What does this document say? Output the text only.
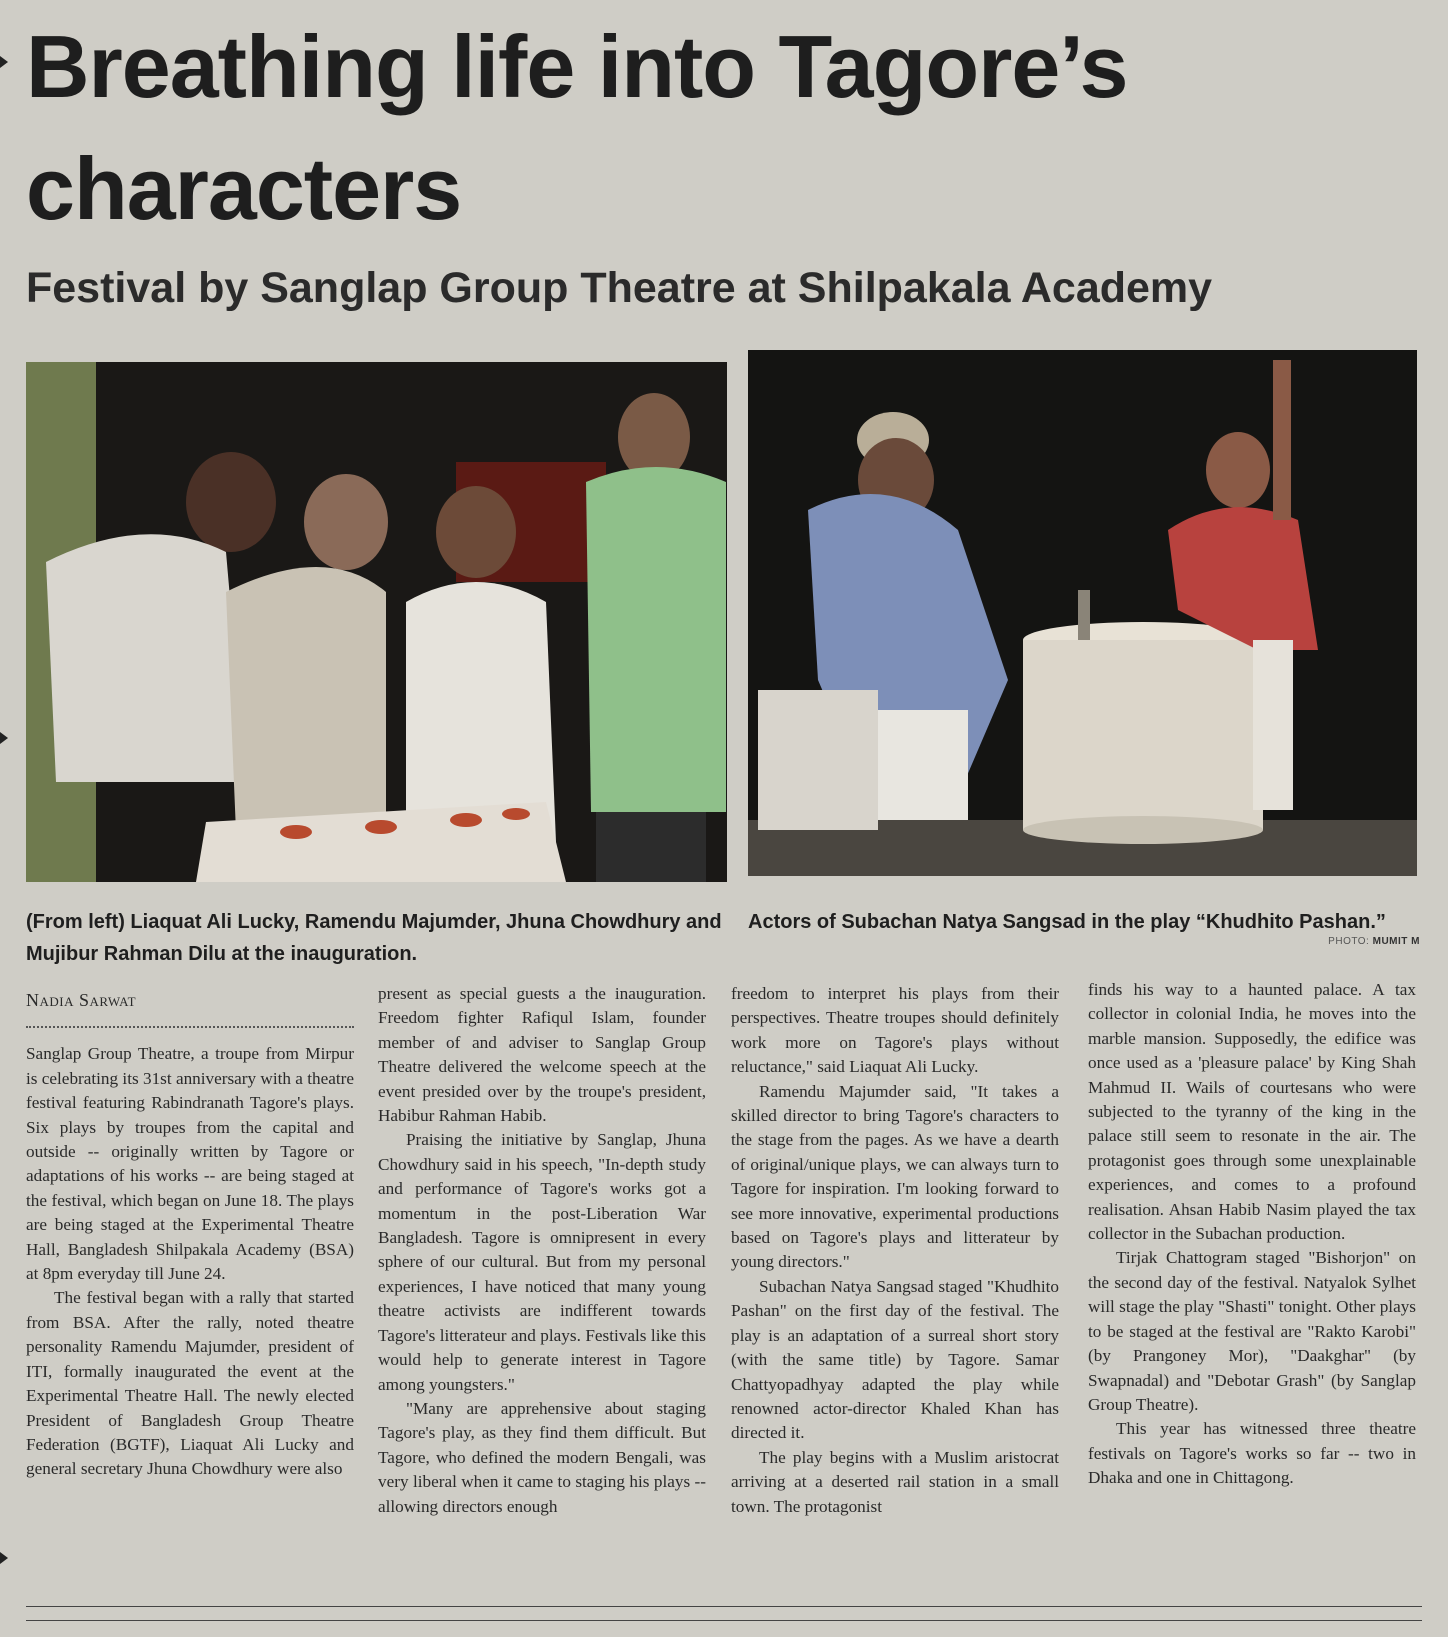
Breathing life into Tagore’s characters
Festival by Sanglap Group Theatre at Shilpakala Academy
(From left) Liaquat Ali Lucky, Ramendu Majumder, Jhuna Chowdhury and Mujibur Rahman Dilu at the inauguration.
Actors of Subachan Natya Sangsad in the play “Khudhito Pashan.”
PHOTO: MUMIT M
Nadia Sarwat

Sanglap Group Theatre, a troupe from Mirpur is celebrating its 31st anniversary with a theatre festival featuring Rabindranath Tagore's plays. Six plays by troupes from the capital and outside -- originally written by Tagore or adaptations of his works -- are being staged at the festival, which began on June 18. The plays are being staged at the Experimental Theatre Hall, Bangladesh Shilpakala Academy (BSA) at 8pm everyday till June 24.

The festival began with a rally that started from BSA. After the rally, noted theatre personality Ramendu Majumder, president of ITI, formally inaugurated the event at the Experimental Theatre Hall. The newly elected President of Bangladesh Group Theatre Federation (BGTF), Liaquat Ali Lucky and general secretary Jhuna Chowdhury were also

present as special guests a the inauguration. Freedom fighter Rafiqul Islam, founder member of and adviser to Sanglap Group Theatre delivered the welcome speech at the event presided over by the troupe's president, Habibur Rahman Habib.

Praising the initiative by Sanglap, Jhuna Chowdhury said in his speech, "In-depth study and performance of Tagore's works got a momentum in the post-Liberation War Bangladesh. Tagore is omnipresent in every sphere of our cultural. But from my personal experiences, I have noticed that many young theatre activists are indifferent towards Tagore's litterateur and plays. Festivals like this would help to generate interest in Tagore among youngsters."

"Many are apprehensive about staging Tagore's play, as they find them difficult. But Tagore, who defined the modern Bengali, was very liberal when it came to staging his plays -- allowing directors enough

freedom to interpret his plays from their perspectives. Theatre troupes should definitely work more on Tagore's plays without reluctance," said Liaquat Ali Lucky.

Ramendu Majumder said, "It takes a skilled director to bring Tagore's characters to the stage from the pages. As we have a dearth of original/unique plays, we can always turn to Tagore for inspiration. I'm looking forward to see more innovative, experimental productions based on Tagore's plays and litterateur by young directors."

Subachan Natya Sangsad staged "Khudhito Pashan" on the first day of the festival. The play is an adaptation of a surreal short story (with the same title) by Tagore. Samar Chattyopadhyay adapted the play while renowned actor-director Khaled Khan has directed it.

The play begins with a Muslim aristocrat arriving at a deserted rail station in a small town. The protagonist

finds his way to a haunted palace. A tax collector in colonial India, he moves into the marble mansion. Supposedly, the edifice was once used as a 'pleasure palace' by King Shah Mahmud II. Wails of courtesans who were subjected to the tyranny of the king in the palace still seem to resonate in the air. The protagonist goes through some unexplainable experiences, and comes to a profound realisation. Ahsan Habib Nasim played the tax collector in the Subachan production.

Tirjak Chattogram staged "Bishorjon" on the second day of the festival. Natyalok Sylhet will stage the play "Shasti" tonight. Other plays to be staged at the festival are "Rakto Karobi" (by Prangoney Mor), "Daakghar" (by Swapnadal) and "Debotar Grash" (by Sanglap Group Theatre).

This year has witnessed three theatre festivals on Tagore's works so far -- two in Dhaka and one in Chittagong.
